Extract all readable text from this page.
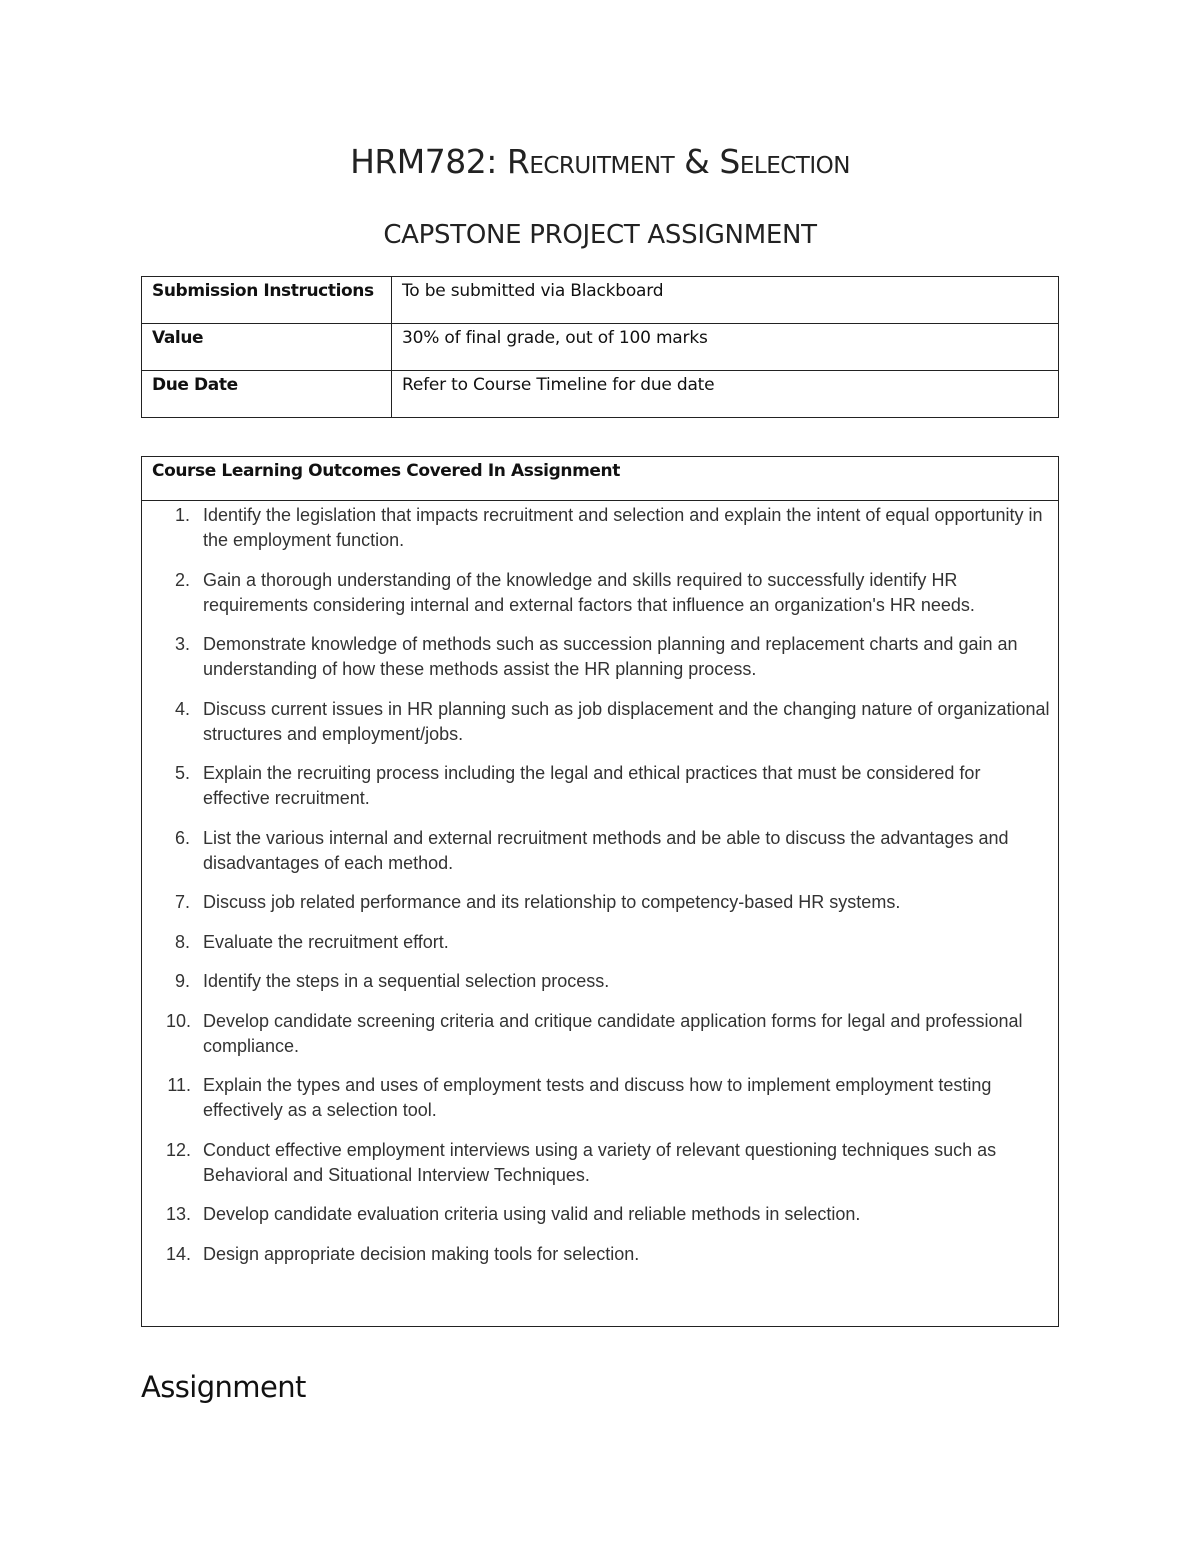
HRM782: Recruitment & Selection
CAPSTONE PROJECT ASSIGNMENT
Submission Instructions	To be submitted via Blackboard
Value	30% of final grade, out of 100 marks
Due Date	Refer to Course Timeline for due date
Course Learning Outcomes Covered In Assignment
1. Identify the legislation that impacts recruitment and selection and explain the intent of equal opportunity in the employment function.
2. Gain a thorough understanding of the knowledge and skills required to successfully identify HR requirements considering internal and external factors that influence an organization's HR needs.
3. Demonstrate knowledge of methods such as succession planning and replacement charts and gain an understanding of how these methods assist the HR planning process.
4. Discuss current issues in HR planning such as job displacement and the changing nature of organizational structures and employment/jobs.
5. Explain the recruiting process including the legal and ethical practices that must be considered for effective recruitment.
6. List the various internal and external recruitment methods and be able to discuss the advantages and disadvantages of each method.
7. Discuss job related performance and its relationship to competency-based HR systems.
8. Evaluate the recruitment effort.
9. Identify the steps in a sequential selection process.
10. Develop candidate screening criteria and critique candidate application forms for legal and professional compliance.
11. Explain the types and uses of employment tests and discuss how to implement employment testing effectively as a selection tool.
12. Conduct effective employment interviews using a variety of relevant questioning techniques such as Behavioral and Situational Interview Techniques.
13. Develop candidate evaluation criteria using valid and reliable methods in selection.
14. Design appropriate decision making tools for selection.
Assignment
